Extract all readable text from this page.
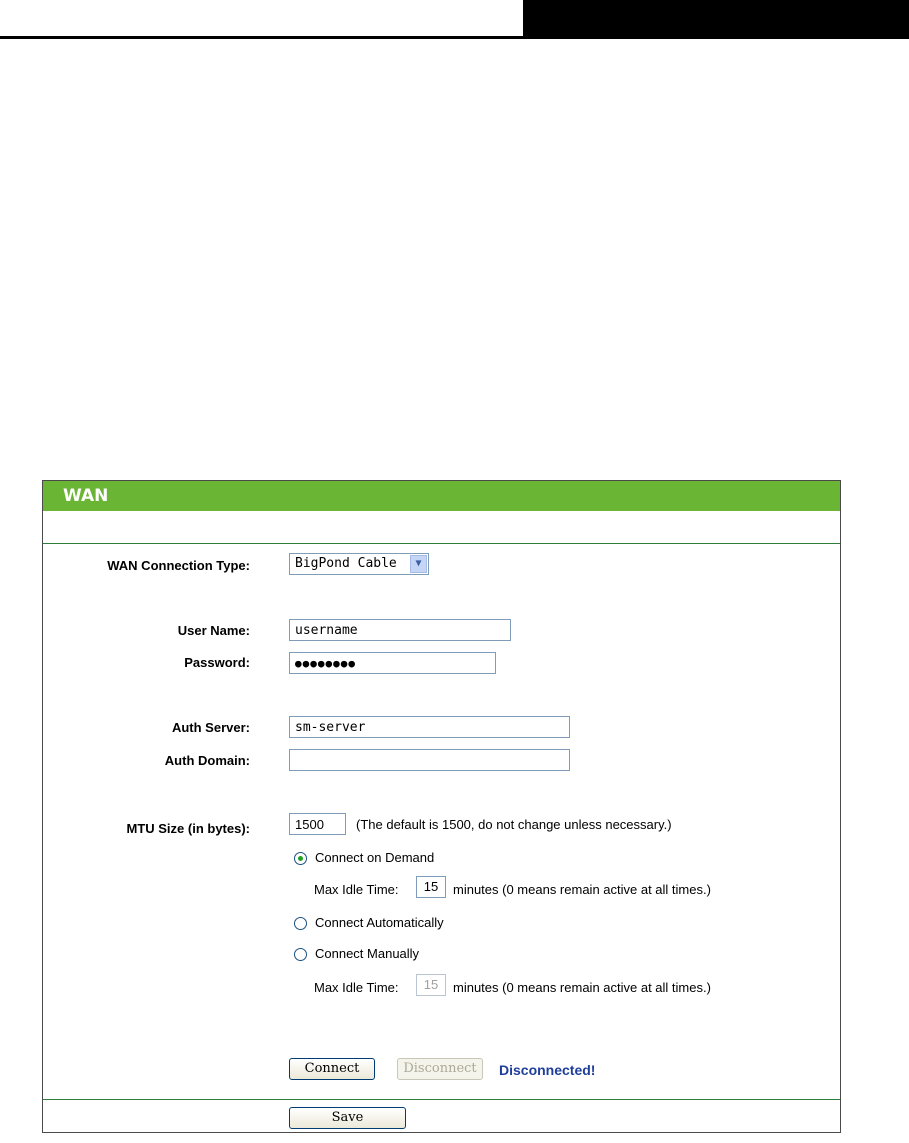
WAN
WAN Connection Type:	BigPond Cable	▼
User Name:	username
Password:	●●●●●●●●
Auth Server:	sm-server
Auth Domain:
MTU Size (in bytes):	1500	(The default is 1500, do not change unless necessary.)
Connect on Demand
Max Idle Time:	15	minutes (0 means remain active at all times.)
Connect Automatically
Connect Manually
Max Idle Time:	15	minutes (0 means remain active at all times.)
Connect	Disconnect	Disconnected!
Save
